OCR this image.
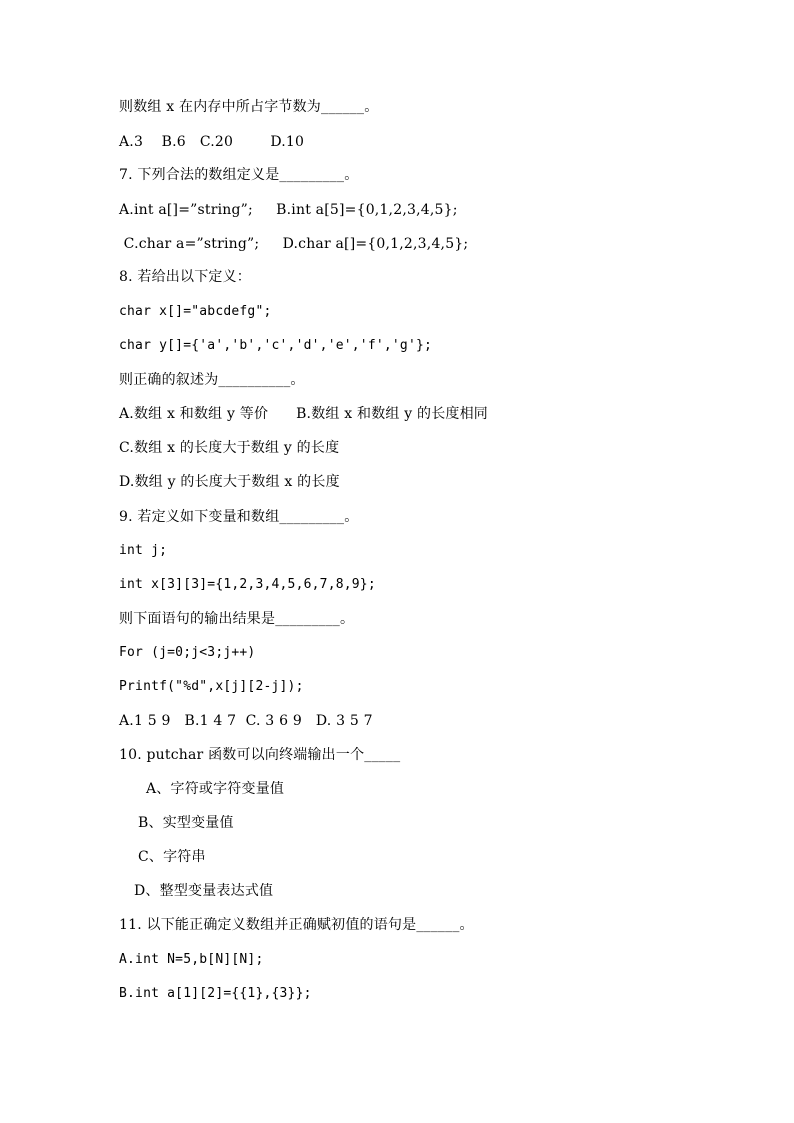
则数组 x 在内存中所占字节数为______。
A.3    B.6   C.20        D.10
7. 下列合法的数组定义是_________。
A.int a[]=”string”;     B.int a[5]={0,1,2,3,4,5};
C.char a=”string”;     D.char a[]={0,1,2,3,4,5};
8. 若给出以下定义：
char x[]="abcdefg";
char y[]={'a','b','c','d','e','f','g'};
则正确的叙述为__________。
A.数组 x 和数组 y 等价      B.数组 x 和数组 y 的长度相同
C.数组 x 的长度大于数组 y 的长度
D.数组 y 的长度大于数组 x 的长度
9. 若定义如下变量和数组_________。
int j;
int x[3][3]={1,2,3,4,5,6,7,8,9};
则下面语句的输出结果是_________。
For (j=0;j<3;j++)
Printf("%d",x[j][2-j]);
A.1 5 9   B.1 4 7  C. 3 6 9   D. 3 5 7
10. putchar 函数可以向终端输出一个_____
A、字符或字符变量值
B、实型变量值
C、字符串
D、整型变量表达式值
11. 以下能正确定义数组并正确赋初值的语句是______。
A.int N=5,b[N][N];
B.int a[1][2]={{1},{3}};
